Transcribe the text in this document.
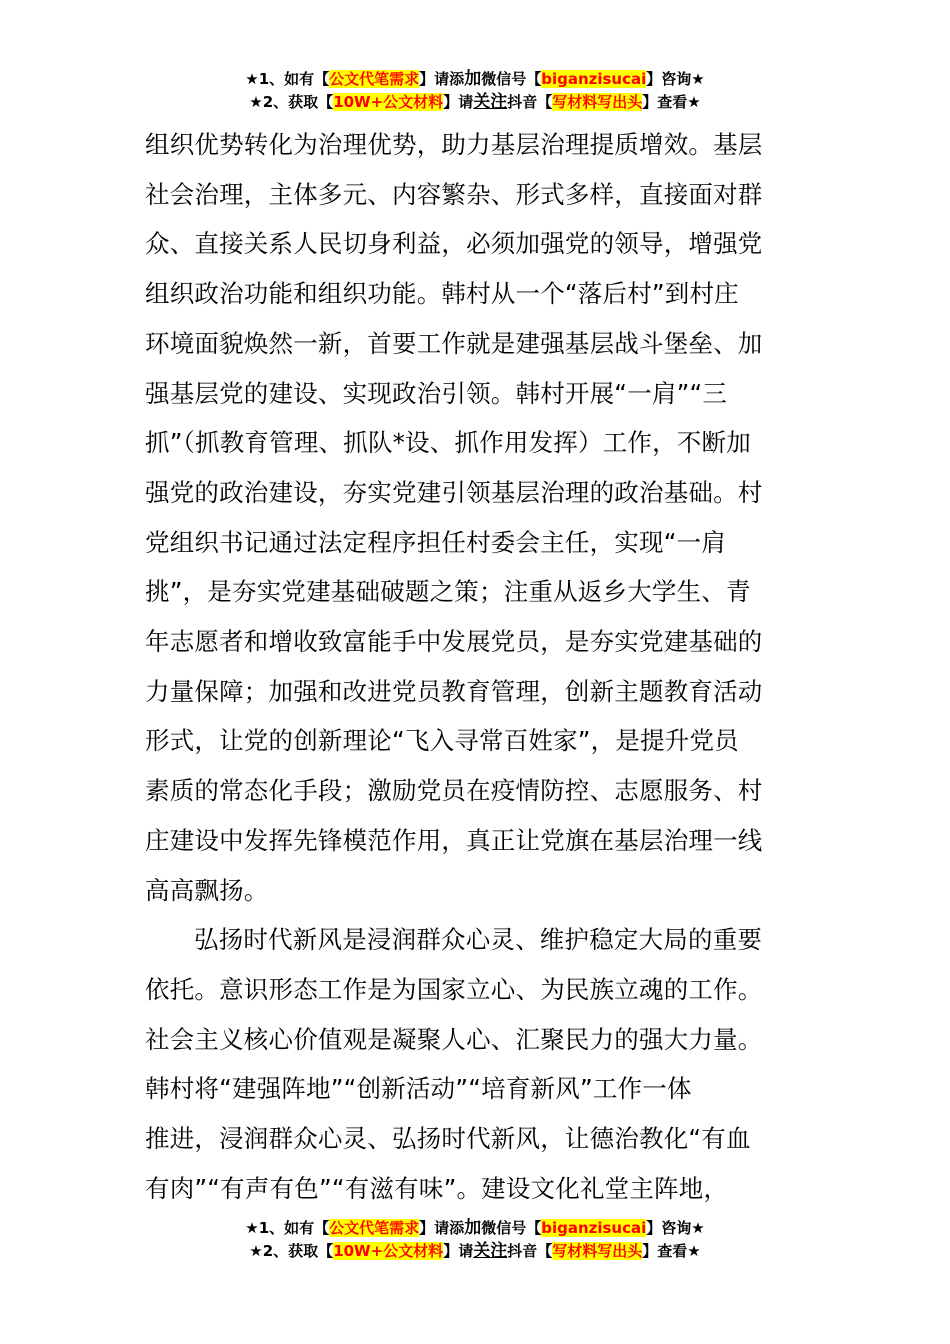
★1、如有【公文代笔需求】请添加微信号【biganzisucai】咨询★
★2、获取【10W+公文材料】请关注抖音【写材料写出头】查看★

组织优势转化为治理优势，助力基层治理提质增效。基层
社会治理，主体多元、内容繁杂、形式多样，直接面对群
众、直接关系人民切身利益，必须加强党的领导，增强党
组织政治功能和组织功能。韩村从一个“落后村”到村庄
环境面貌焕然一新，首要工作就是建强基层战斗堡垒、加
强基层党的建设、实现政治引领。韩村开展“一肩”“三
抓”（抓教育管理、抓队*设、抓作用发挥）工作，不断加
强党的政治建设，夯实党建引领基层治理的政治基础。村
党组织书记通过法定程序担任村委会主任，实现“一肩
挑”，是夯实党建基础破题之策；注重从返乡大学生、青
年志愿者和增收致富能手中发展党员，是夯实党建基础的
力量保障；加强和改进党员教育管理，创新主题教育活动
形式，让党的创新理论“飞入寻常百姓家”，是提升党员
素质的常态化手段；激励党员在疫情防控、志愿服务、村
庄建设中发挥先锋模范作用，真正让党旗在基层治理一线
高高飘扬。

弘扬时代新风是浸润群众心灵、维护稳定大局的重要
依托。意识形态工作是为国家立心、为民族立魂的工作。
社会主义核心价值观是凝聚人心、汇聚民力的强大力量。
韩村将“建强阵地”“创新活动”“培育新风”工作一体
推进，浸润群众心灵、弘扬时代新风，让德治教化“有血
有肉”“有声有色”“有滋有味”。建设文化礼堂主阵地，

★1、如有【公文代笔需求】请添加微信号【biganzisucai】咨询★
★2、获取【10W+公文材料】请关注抖音【写材料写出头】查看★
